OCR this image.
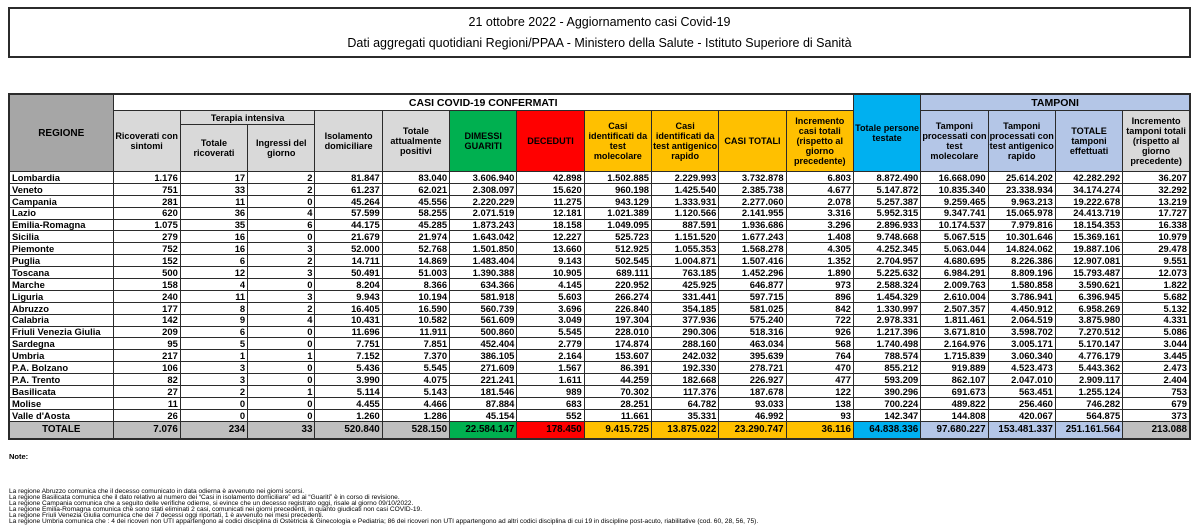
21 ottobre 2022 - Aggiornamento casi Covid-19
Dati aggregati quotidiani Regioni/PPAA - Ministero della Salute - Istituto Superiore di Sanità
REGIONE	CASI COVID-19 CONFERMATI											Totale persone testate	TAMPONI			
	Ricoverati con sintomi	Terapia intensiva		Isolamento domiciliare	Totale attualmente positivi	DIMESSI GUARITI	DECEDUTI	Casi identificati da test molecolare	Casi identificati da test antigenico rapido	CASI TOTALI	Incremento casi totali (rispetto al giorno precedente)		Tamponi processati con test molecolare	Tamponi processati con test antigenico rapido	TOTALE tamponi effettuati	Incremento tamponi totali (rispetto al giorno precedente)
		Totale ricoverati	Ingressi del giorno													
Lombardia	1.176	17	2	81.847	83.040	3.606.940	42.898	1.502.885	2.229.993	3.732.878	6.803	8.872.490	16.668.090	25.614.202	42.282.292	36.207
Veneto	751	33	2	61.237	62.021	2.308.097	15.620	960.198	1.425.540	2.385.738	4.677	5.147.872	10.835.340	23.338.934	34.174.274	32.292
Campania	281	11	0	45.264	45.556	2.220.229	11.275	943.129	1.333.931	2.277.060	2.078	5.257.387	9.259.465	9.963.213	19.222.678	13.219
Lazio	620	36	4	57.599	58.255	2.071.519	12.181	1.021.389	1.120.566	2.141.955	3.316	5.952.315	9.347.741	15.065.978	24.413.719	17.727
Emilia-Romagna	1.075	35	6	44.175	45.285	1.873.243	18.158	1.049.095	887.591	1.936.686	3.296	2.896.933	10.174.537	7.979.816	18.154.353	16.338
Sicilia	279	16	0	21.679	21.974	1.643.042	12.227	525.723	1.151.520	1.677.243	1.408	9.748.668	5.067.515	10.301.646	15.369.161	10.979
Piemonte	752	16	3	52.000	52.768	1.501.850	13.660	512.925	1.055.353	1.568.278	4.305	4.252.345	5.063.044	14.824.062	19.887.106	29.478
Puglia	152	6	2	14.711	14.869	1.483.404	9.143	502.545	1.004.871	1.507.416	1.352	2.704.957	4.680.695	8.226.386	12.907.081	9.551
Toscana	500	12	3	50.491	51.003	1.390.388	10.905	689.111	763.185	1.452.296	1.890	5.225.632	6.984.291	8.809.196	15.793.487	12.073
Marche	158	4	0	8.204	8.366	634.366	4.145	220.952	425.925	646.877	973	2.588.324	2.009.763	1.580.858	3.590.621	1.822
Liguria	240	11	3	9.943	10.194	581.918	5.603	266.274	331.441	597.715	896	1.454.329	2.610.004	3.786.941	6.396.945	5.682
Abruzzo	177	8	2	16.405	16.590	560.739	3.696	226.840	354.185	581.025	842	1.330.997	2.507.357	4.450.912	6.958.269	5.132
Calabria	142	9	4	10.431	10.582	561.609	3.049	197.304	377.936	575.240	722	2.978.331	1.811.461	2.064.519	3.875.980	4.331
Friuli Venezia Giulia	209	6	0	11.696	11.911	500.860	5.545	228.010	290.306	518.316	926	1.217.396	3.671.810	3.598.702	7.270.512	5.086
Sardegna	95	5	0	7.751	7.851	452.404	2.779	174.874	288.160	463.034	568	1.740.498	2.164.976	3.005.171	5.170.147	3.044
Umbria	217	1	1	7.152	7.370	386.105	2.164	153.607	242.032	395.639	764	788.574	1.715.839	3.060.340	4.776.179	3.445
P.A. Bolzano	106	3	0	5.436	5.545	271.609	1.567	86.391	192.330	278.721	470	855.212	919.889	4.523.473	5.443.362	2.473
P.A. Trento	82	3	0	3.990	4.075	221.241	1.611	44.259	182.668	226.927	477	593.209	862.107	2.047.010	2.909.117	2.404
Basilicata	27	2	1	5.114	5.143	181.546	989	70.302	117.376	187.678	122	390.296	691.673	563.451	1.255.124	753
Molise	11	0	0	4.455	4.466	87.884	683	28.251	64.782	93.033	138	700.224	489.822	256.460	746.282	679
Valle d'Aosta	26	0	0	1.260	1.286	45.154	552	11.661	35.331	46.992	93	142.347	144.808	420.067	564.875	373
TOTALE	7.076	234	33	520.840	528.150	22.584.147	178.450	9.415.725	13.875.022	23.290.747	36.116	64.838.336	97.680.227	153.481.337	251.161.564	213.088
Note:
La regione Abruzzo comunica che il decesso comunicato in data odierna è avvenuto nei giorni scorsi.
La regione Basilicata comunica che il dato relativo al numero dei “Casi in isolamento domiciliare” ed ai “Guariti” è in corso di revisione.
La regione Campania comunica che a seguito delle verifiche odierne, si evince che un decesso registrato oggi, risale al giorno 09/10/2022.
La regione Emilia-Romagna comunica che sono stati eliminati 2 casi, comunicati nei giorni precedenti, in quanto giudicati non casi COVID-19.
La regione Friuli Venezia Giulia comunica che dei 7 decessi oggi riportati, 1 è avvenuto nei mesi precedenti.
La regione Umbria comunica che : 4 dei ricoveri non UTI appartengono ai codici disciplina di Ostetricia & Ginecologia e Pediatria; 86 dei ricoveri non UTI appartengono ad altri codici disciplina di cui 19 in discipline post-acuto, riabilitative (cod. 60, 28, 56, 75).
